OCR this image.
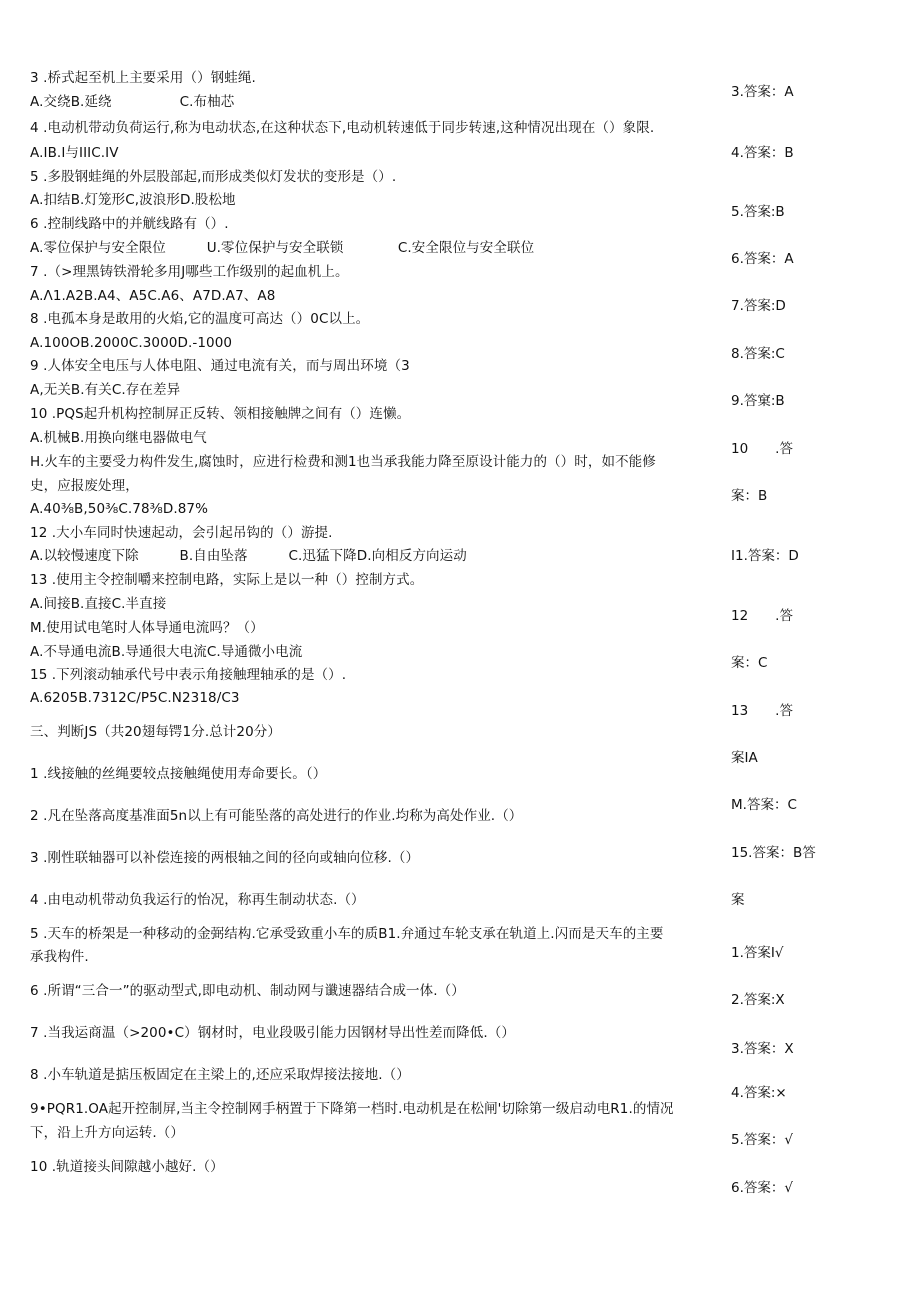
3 .桥式起至机上主要采用（）钢蛙绳.
A.交绕B.延绕　　　　　C.布柚芯
4 .电动机带动负荷运行,称为电动状态,在这种状态下,电动机转速低于同步转速,这种情况出现在（）象限.
A.IB.I与IIIC.IV
5 .多股钢蛙绳的外层股部起,而形成类似灯发状的变形是（）.
A.扣结B.灯笼形C,波浪形D.股松地
6 .控制线路中的并觥线路有（）.
A.零位保护与安全限位　　　U.零位保护与安全联锁　　　　C.安全限位与安全联位
7 .（>理黑铸铁滑轮多用J哪些工作级别的起血机上。
A.Λ1.A2B.A4、A5C.A6、A7D.A7、A8
8 .电孤本身是敢用的火焰,它的温度可高达（）0C以上。
A.100OB.2000C.3000D.-1000
9 .人体安全电压与人体电阻、通过电流有关，而与周出环境（3
A,无关B.有关C.存在差异
10 .PQS起升机构控制屏正反转、领相接触牌之间有（）连懒。
A.机械B.用换向继电器做电气
H.火车的主要受力构件发生,腐蚀时，应进行检费和测1也当承我能力降至原设计能力的（）时，如不能修
史，应报废处理，
A.40⅜B,50⅜C.78⅜D.87%
12 .大小车同时快速起动，会引起吊钩的（）游提.
A.以较慢速度下除　　　B.自由坠落　　　C.迅猛下降D.向相反方向运动
13 .使用主令控制嚼来控制电路，实际上是以一种（）控制方式。
A.间接B.直接C.半直接
M.使用试电笔时人体导通电流吗？（）
A.不导通电流B.导通很大电流C.导通微小电流
15 .下列滚动轴承代号中表示角接触理轴承的是（）.
A.6205B.7312C∕P5C.N2318/C3
三、判断JS（共20翅每锷1分.总计20分）
1 .线接触的丝绳要较点接触绳使用寿命要长。（）
2 .凡在坠落高度基准面5n以上有可能坠落的高处进行的作业.均称为高处作业.（）
3 .刚性联轴器可以补偿连接的两根轴之间的径向或轴向位移.（）
4 .由电动机带动负我运行的怡况，称再生制动状态.（）
5 .天车的桥架是一种移动的金弼结构.它承受致重小车的质B1.弁通过车轮支承在轨道上.闪而是天车的主要
承我构件.
6 .所谓“三合一”的驱动型式,即电动机、制动网与谶速器结合成一体.（）
7 .当我运商温（>200•C）钢材时，电业段吸引能力因钢材导出性差而降低.（）
8 .小车轨道是掂压板固定在主梁上的,还应采取焊接法接地.（）
9•PQR1.OA起开控制屏,当主令控制网手柄置于下降第一档时.电动机是在松闸'切除第一级启动电R1.的情况
下，沿上升方向运转.（）
10 .轨道接头间隙越小越好.（）
3.答案：A
4.答案：B
5.答案:B
6.答案：A
7.答案:D
8.答案:C
9.答窠:B
10　　.答
案：B
I1.答案：D
12　　.答
案：C
13　　.答
案IA
M.答案：C
15.答案：B答
案
1.答案I√
2.答案:X
3.答案：X
4.答案:×
5.答案：√
6.答案：√
